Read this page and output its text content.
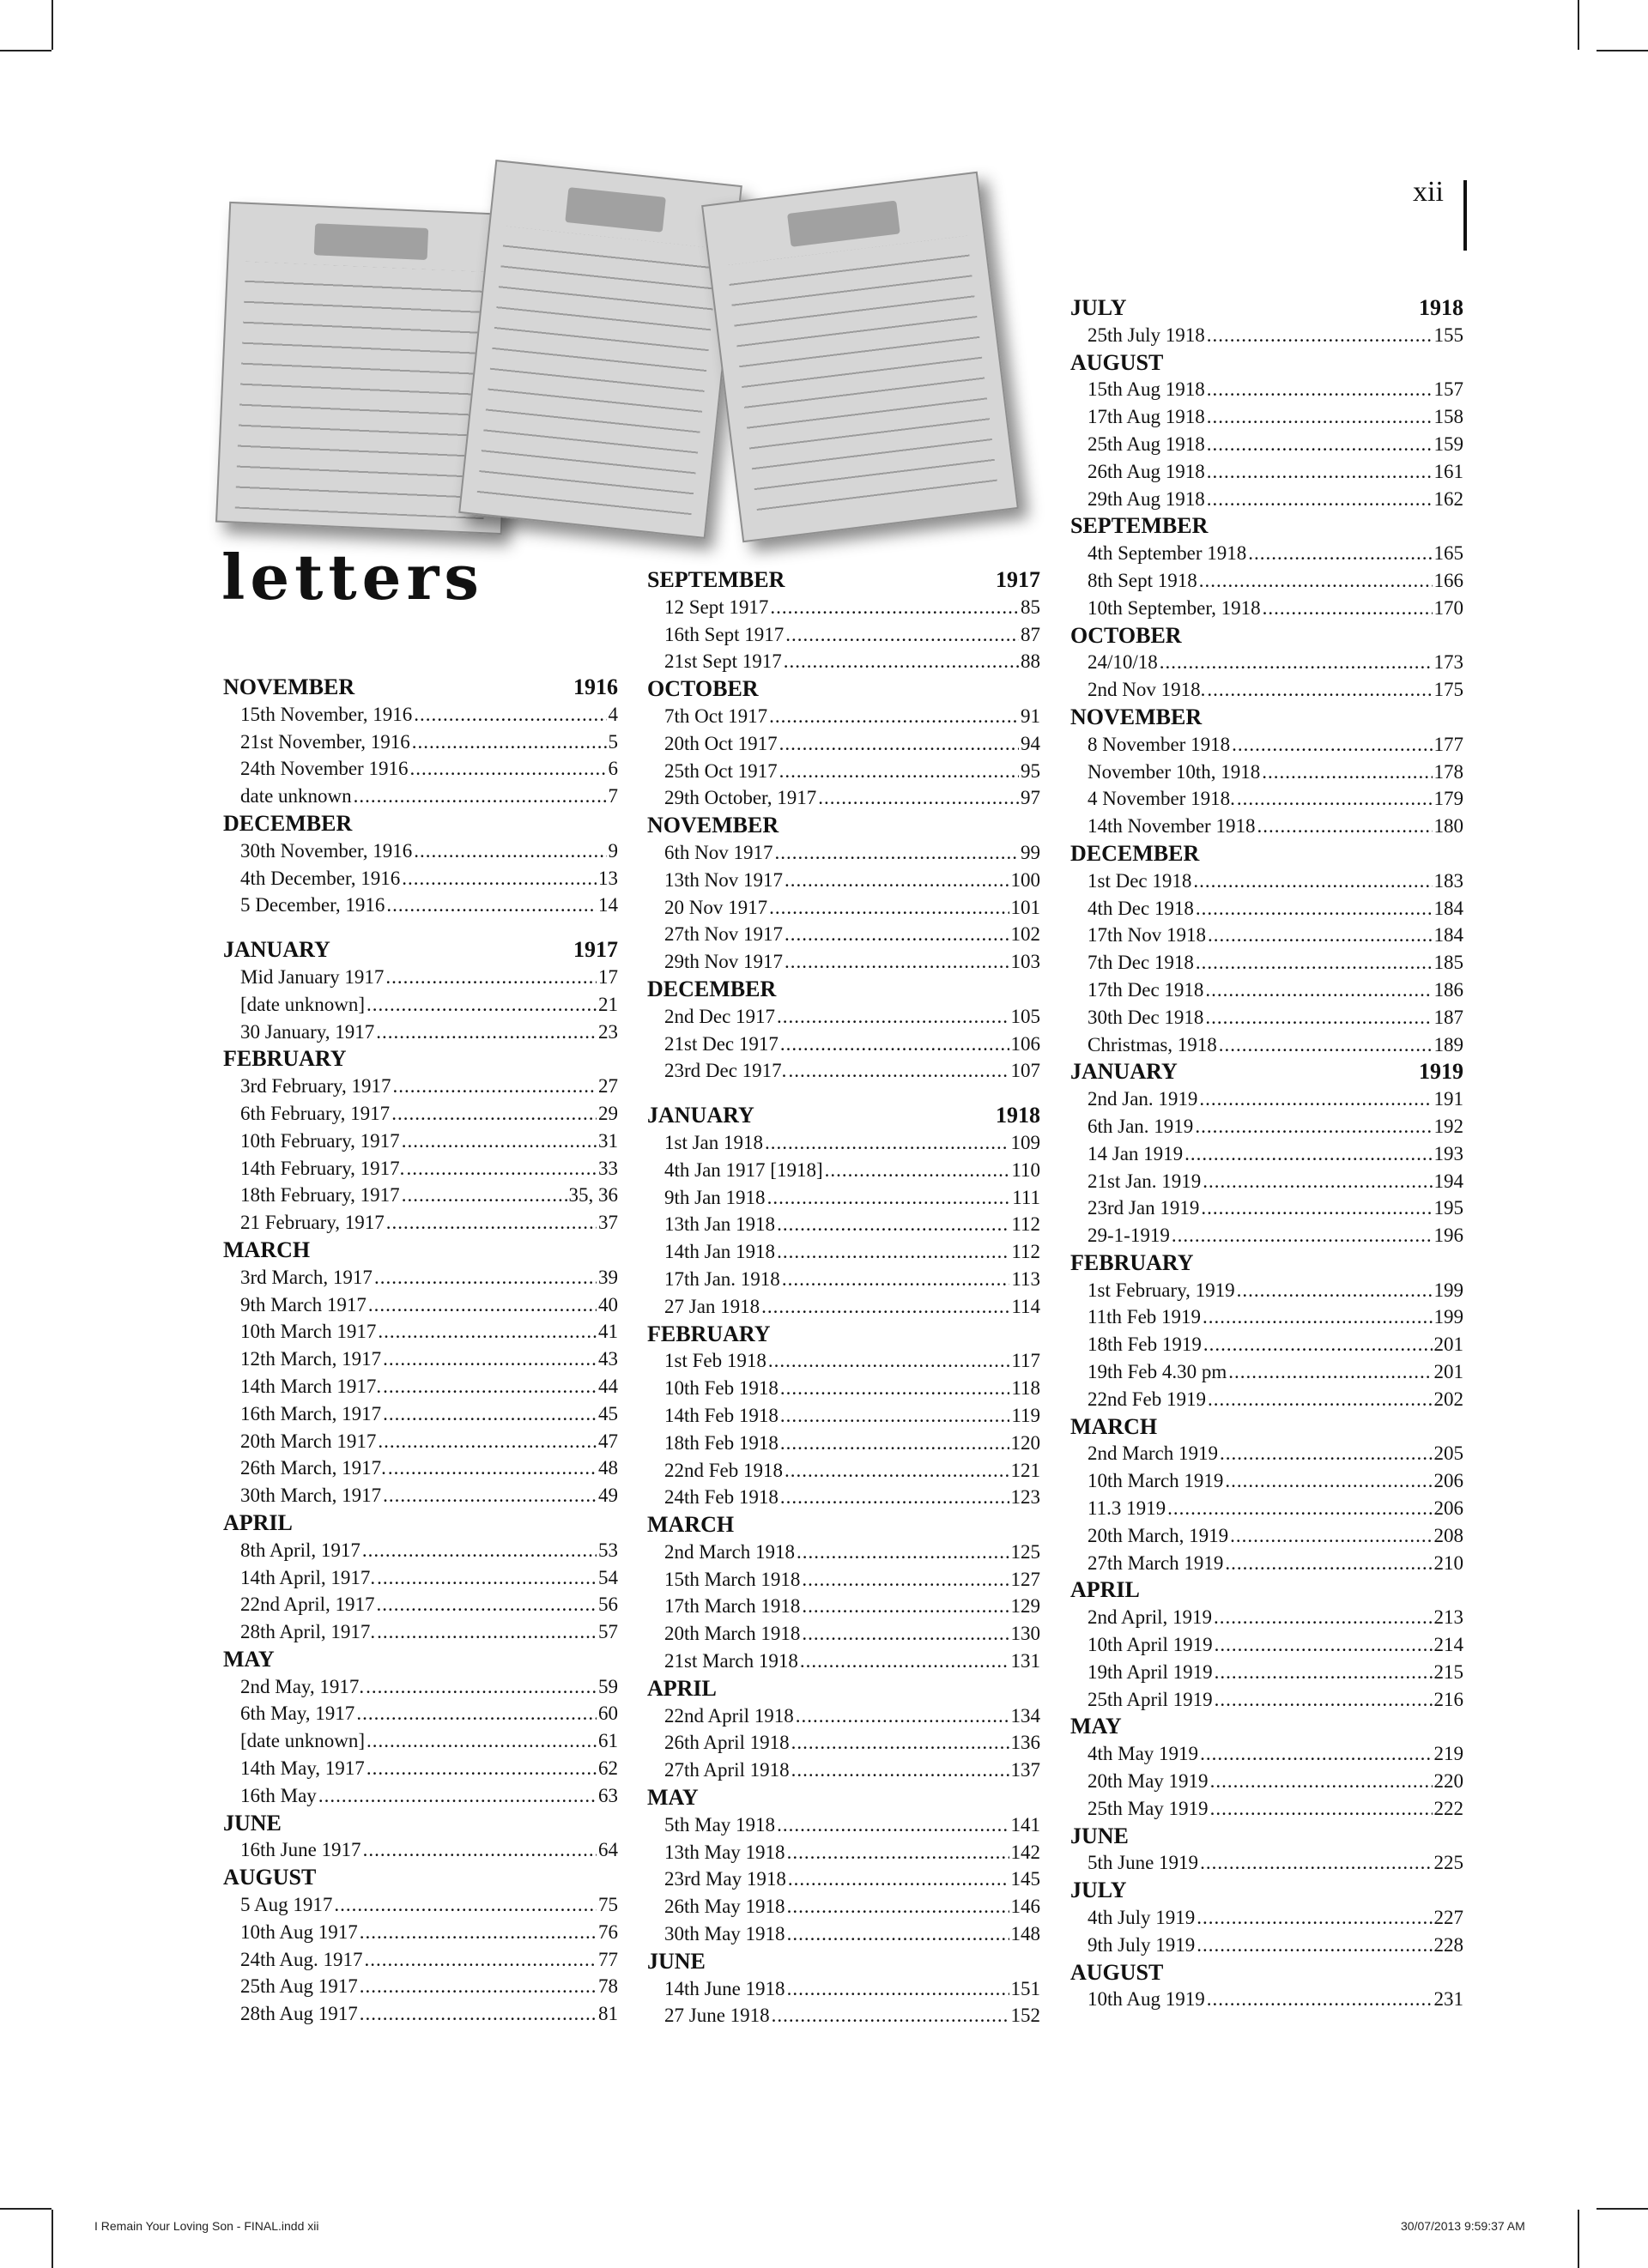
xii
letters
NOVEMBER	1916
15th November, 1916 .....	4
21st November, 1916 .....	5
24th November 1916 .....	6
date unknown .....	7
DECEMBER
30th November, 1916 .....	9
4th December, 1916 .....	13
5 December, 1916 .....	14
JANUARY	1917
Mid January 1917 .....	17
[date unknown] .....	21
30 January, 1917 .....	23
FEBRUARY
3rd February, 1917 .....	27
6th February, 1917 .....	29
10th February, 1917 .....	31
14th February, 1917. .....	33
18th February, 1917 .....	35, 36
21 February, 1917 .....	37
MARCH
3rd March, 1917 .....	39
9th March 1917 .....	40
10th March 1917 .....	41
12th March, 1917 .....	43
14th March 1917. .....	44
16th March, 1917 .....	45
20th March 1917 .....	47
26th March, 1917. .....	48
30th March, 1917 .....	49
APRIL
8th April, 1917 .....	53
14th April, 1917. .....	54
22nd April, 1917 .....	56
28th April, 1917. .....	57
MAY
2nd May, 1917. .....	59
6th May, 1917 .....	60
[date unknown] .....	61
14th May, 1917 .....	62
16th May .....	63
JUNE
16th June 1917 .....	64
AUGUST
5 Aug 1917 .....	75
10th Aug 1917 .....	76
24th Aug. 1917 .....	77
25th Aug 1917 .....	78
28th Aug 1917 .....	81
SEPTEMBER	1917
12 Sept 1917 .....	85
16th Sept 1917 .....	87
21st Sept 1917 .....	88
OCTOBER
7th Oct 1917 .....	91
20th Oct 1917 .....	94
25th Oct 1917 .....	95
29th October, 1917 .....	97
NOVEMBER
6th Nov 1917 .....	99
13th Nov 1917 .....	100
20 Nov 1917 .....	101
27th Nov 1917 .....	102
29th Nov 1917 .....	103
DECEMBER
2nd Dec 1917 .....	105
21st Dec 1917 .....	106
23rd Dec 1917. .....	107
JANUARY	1918
1st Jan 1918 .....	109
4th Jan 1917 [1918] .....	110
9th Jan 1918 .....	111
13th Jan 1918 .....	112
14th Jan 1918 .....	112
17th Jan. 1918 .....	113
27 Jan 1918 .....	114
FEBRUARY
1st Feb 1918 .....	117
10th Feb 1918 .....	118
14th Feb 1918 .....	119
18th Feb 1918 .....	120
22nd Feb 1918 .....	121
24th Feb 1918 .....	123
MARCH
2nd March 1918 .....	125
15th March 1918 .....	127
17th March 1918 .....	129
20th March 1918 .....	130
21st March 1918 .....	131
APRIL
22nd April 1918 .....	134
26th April 1918 .....	136
27th April 1918 .....	137
MAY
5th May 1918 .....	141
13th May 1918 .....	142
23rd May 1918 .....	145
26th May 1918 .....	146
30th May 1918 .....	148
JUNE
14th June 1918 .....	151
27 June 1918 .....	152
JULY	1918
25th July 1918 .....	155
AUGUST
15th Aug 1918 .....	157
17th Aug 1918 .....	158
25th Aug 1918 .....	159
26th Aug 1918 .....	161
29th Aug 1918 .....	162
SEPTEMBER
4th September 1918 .....	165
8th Sept 1918 .....	166
10th September, 1918 .....	170
OCTOBER
24/10/18 .....	173
2nd Nov 1918. .....	175
NOVEMBER
8 November 1918 .....	177
November 10th, 1918 .....	178
4 November 1918. .....	179
14th November 1918 .....	180
DECEMBER
1st Dec 1918 .....	183
4th Dec 1918 .....	184
17th Nov 1918 .....	184
7th Dec 1918 .....	185
17th Dec 1918 .....	186
30th Dec 1918 .....	187
Christmas, 1918 .....	189
JANUARY	1919
2nd Jan. 1919 .....	191
6th Jan. 1919 .....	192
14 Jan 1919 .....	193
21st Jan. 1919 .....	194
23rd Jan 1919 .....	195
29-1-1919 .....	196
FEBRUARY
1st February, 1919 .....	199
11th Feb 1919 .....	199
18th Feb 1919 .....	201
19th Feb 4.30 pm .....	201
22nd Feb 1919 .....	202
MARCH
2nd March 1919 .....	205
10th March 1919 .....	206
11.3 1919 .....	206
20th March, 1919 .....	208
27th March 1919 .....	210
APRIL
2nd April, 1919 .....	213
10th April 1919 .....	214
19th April 1919 .....	215
25th April 1919 .....	216
MAY
4th May 1919 .....	219
20th May 1919 .....	220
25th May 1919 .....	222
JUNE
5th June 1919 .....	225
JULY
4th July 1919 .....	227
9th July 1919 .....	228
AUGUST
10th Aug 1919 .....	231
I Remain Your Loving Son - FINAL.indd xii	30/07/2013 9:59:37 AM
